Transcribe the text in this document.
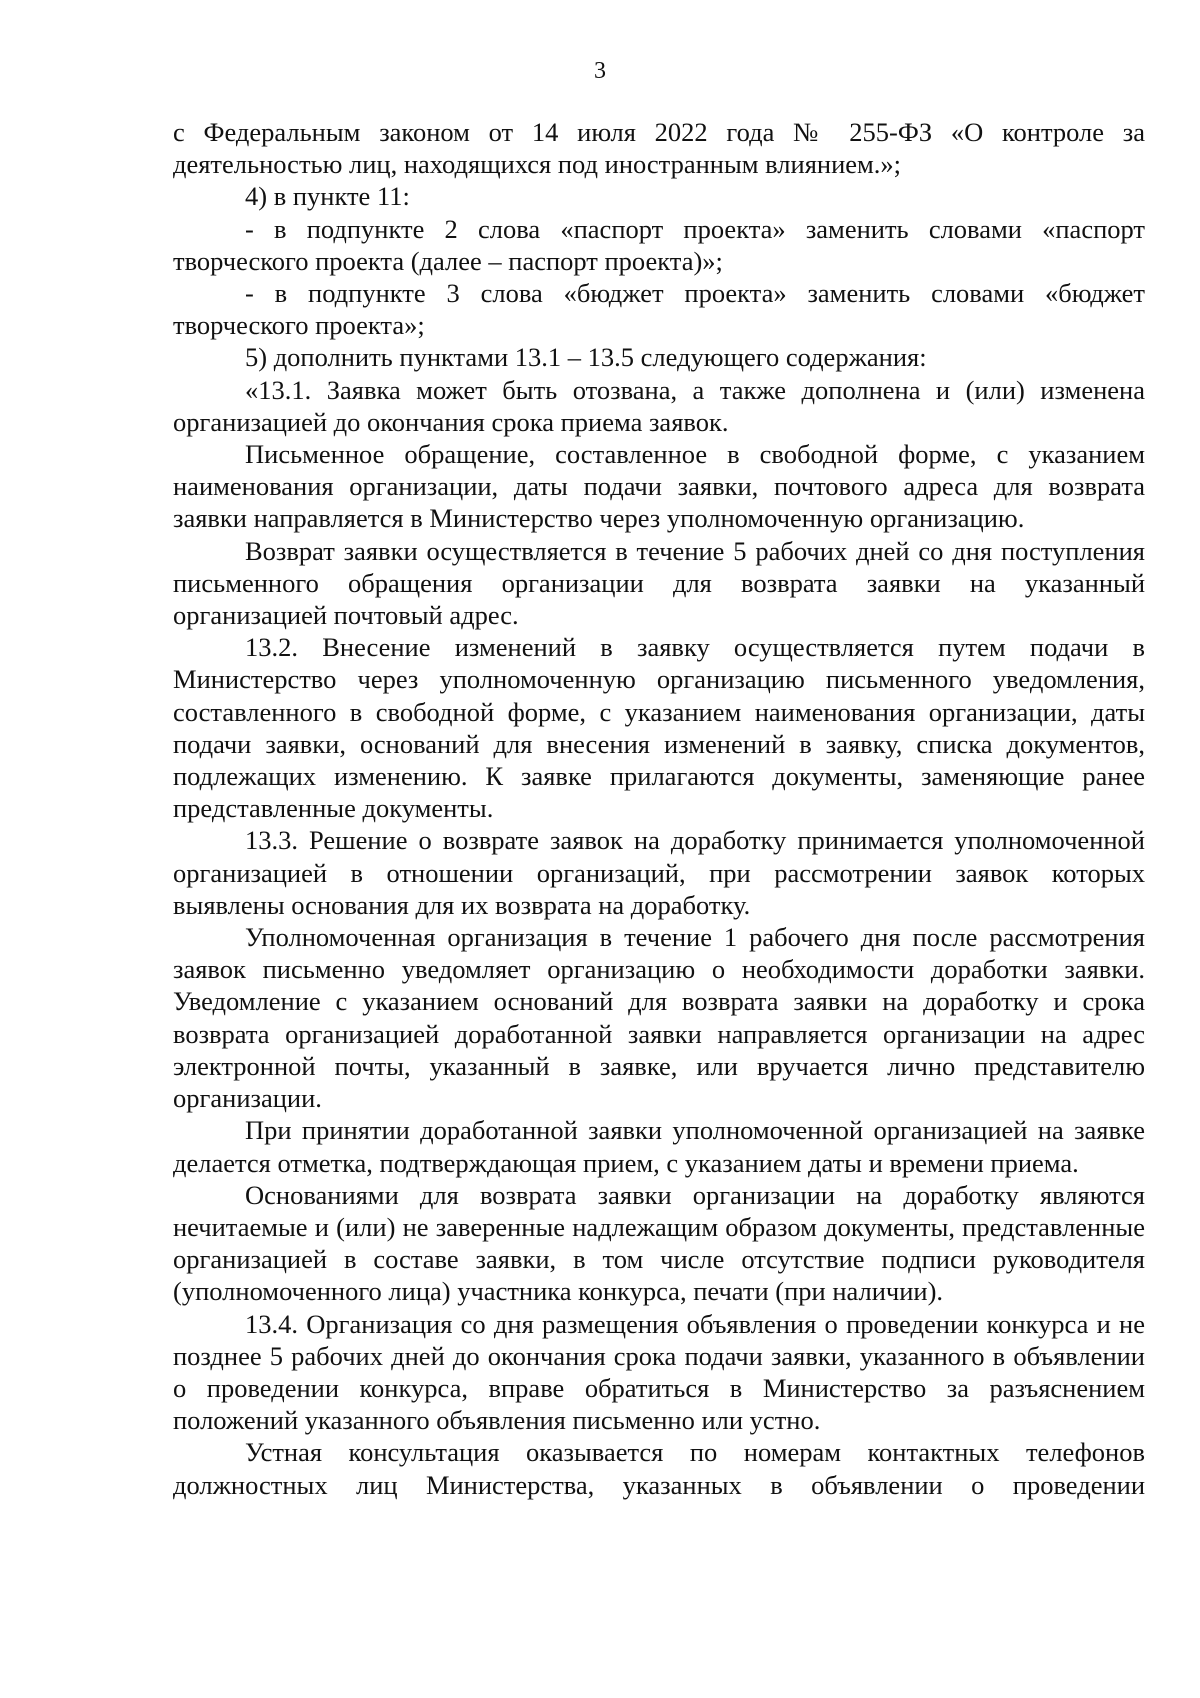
3

с Федеральным законом от 14 июля 2022 года № 255-ФЗ «О контроле за деятельностью лиц, находящихся под иностранным влиянием.»;

4) в пункте 11:

- в подпункте 2 слова «паспорт проекта» заменить словами «паспорт творческого проекта (далее – паспорт проекта)»;

- в подпункте 3 слова «бюджет проекта» заменить словами «бюджет творческого проекта»;

5) дополнить пунктами 13.1 – 13.5 следующего содержания:

«13.1. Заявка может быть отозвана, а также дополнена и (или) изменена организацией до окончания срока приема заявок.

Письменное обращение, составленное в свободной форме, с указанием наименования организации, даты подачи заявки, почтового адреса для возврата заявки направляется в Министерство через уполномоченную организацию.

Возврат заявки осуществляется в течение 5 рабочих дней со дня поступления письменного обращения организации для возврата заявки на указанный организацией почтовый адрес.

13.2. Внесение изменений в заявку осуществляется путем подачи в Министерство через уполномоченную организацию письменного уведомления, составленного в свободной форме, с указанием наименования организации, даты подачи заявки, оснований для внесения изменений в заявку, списка документов, подлежащих изменению. К заявке прилагаются документы, заменяющие ранее представленные документы.

13.3. Решение о возврате заявок на доработку принимается уполномоченной организацией в отношении организаций, при рассмотрении заявок которых выявлены основания для их возврата на доработку.

Уполномоченная организация в течение 1 рабочего дня после рассмотрения заявок письменно уведомляет организацию о необходимости доработки заявки. Уведомление с указанием оснований для возврата заявки на доработку и срока возврата организацией доработанной заявки направляется организации на адрес электронной почты, указанный в заявке, или вручается лично представителю организации.

При принятии доработанной заявки уполномоченной организацией на заявке делается отметка, подтверждающая прием, с указанием даты и времени приема.

Основаниями для возврата заявки организации на доработку являются нечитаемые и (или) не заверенные надлежащим образом документы, представленные организацией в составе заявки, в том числе отсутствие подписи руководителя (уполномоченного лица) участника конкурса, печати (при наличии).

13.4. Организация со дня размещения объявления о проведении конкурса и не позднее 5 рабочих дней до окончания срока подачи заявки, указанного в объявлении о проведении конкурса, вправе обратиться в Министерство за разъяснением положений указанного объявления письменно или устно.

Устная консультация оказывается по номерам контактных телефонов должностных лиц Министерства, указанных в объявлении о проведении
